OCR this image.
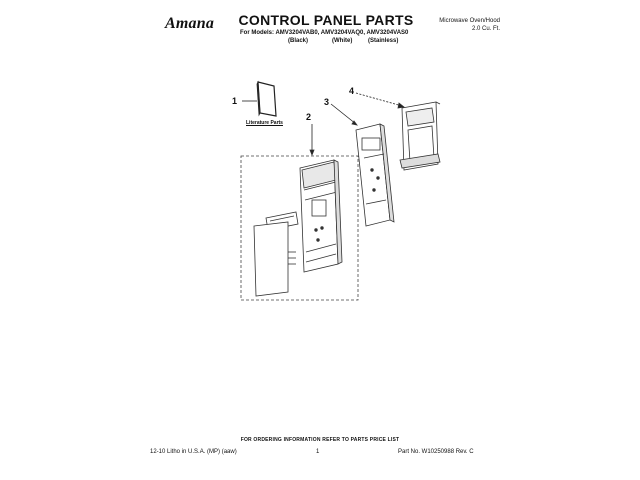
Amana	CONTROL PANEL PARTS
For Models: AMV3204VAB0, AMV3204VAQ0, AMV3204VAS0
(Black)	(White)	(Stainless)
Microwave Oven/Hood
2.0 Cu. Ft.
Literature Parts
1
2
3
4
FOR ORDERING INFORMATION REFER TO PARTS PRICE LIST
12-10 Litho in U.S.A. (MP) (aaw)	1	Part No. W10250988 Rev. C
